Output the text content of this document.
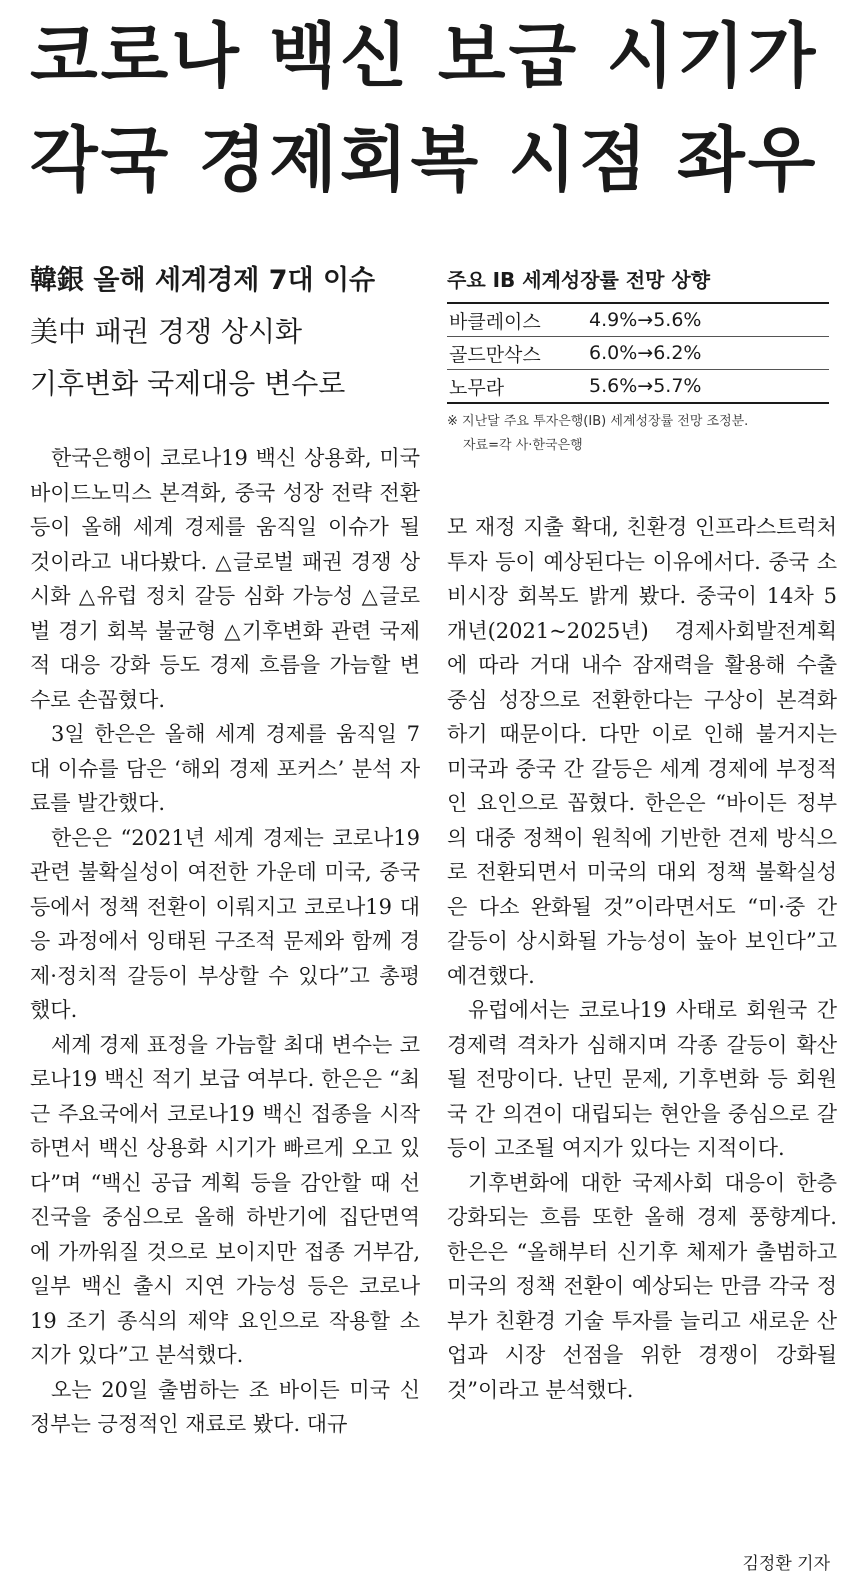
코로나 백신 보급 시기가
각국 경제회복 시점 좌우
韓銀 올해 세계경제 7대 이슈
美中 패권 경쟁 상시화
기후변화 국제대응 변수로
주요 IB 세계성장률 전망 상향
바클레이스	4.9%→5.6%
골드만삭스	6.0%→6.2%
노무라	5.6%→5.7%
※ 지난달 주요 투자은행(IB) 세계성장률 전망 조정분.
자료=각 사·한국은행

한국은행이 코로나19 백신 상용화, 미국 바이드노믹스 본격화, 중국 성장 전략 전환 등이 올해 세계 경제를 움직일 이슈가 될 것이라고 내다봤다. △글로벌 패권 경쟁 상시화 △유럽 정치 갈등 심화 가능성 △글로벌 경기 회복 불균형 △기후변화 관련 국제적 대응 강화 등도 경제 흐름을 가늠할 변수로 손꼽혔다.

3일 한은은 올해 세계 경제를 움직일 7대 이슈를 담은 ‘해외 경제 포커스’ 분석 자료를 발간했다.

한은은 “2021년 세계 경제는 코로나19 관련 불확실성이 여전한 가운데 미국, 중국 등에서 정책 전환이 이뤄지고 코로나19 대응 과정에서 잉태된 구조적 문제와 함께 경제·정치적 갈등이 부상할 수 있다”고 총평했다.

세계 경제 표정을 가늠할 최대 변수는 코로나19 백신 적기 보급 여부다. 한은은 “최근 주요국에서 코로나19 백신 접종을 시작하면서 백신 상용화 시기가 빠르게 오고 있다”며 “백신 공급 계획 등을 감안할 때 선진국을 중심으로 올해 하반기에 집단면역에 가까워질 것으로 보이지만 접종 거부감, 일부 백신 출시 지연 가능성 등은 코로나19 조기 종식의 제약 요인으로 작용할 소지가 있다”고 분석했다.

오는 20일 출범하는 조 바이든 미국 신정부는 긍정적인 재료로 봤다. 대규

모 재정 지출 확대, 친환경 인프라스트럭처 투자 등이 예상된다는 이유에서다. 중국 소비시장 회복도 밝게 봤다. 중국이 14차 5개년(2021~2025년) 경제사회발전계획에 따라 거대 내수 잠재력을 활용해 수출 중심 성장으로 전환한다는 구상이 본격화하기 때문이다. 다만 이로 인해 불거지는 미국과 중국 간 갈등은 세계 경제에 부정적인 요인으로 꼽혔다. 한은은 “바이든 정부의 대중 정책이 원칙에 기반한 견제 방식으로 전환되면서 미국의 대외 정책 불확실성은 다소 완화될 것”이라면서도 “미·중 간 갈등이 상시화될 가능성이 높아 보인다”고 예견했다.

유럽에서는 코로나19 사태로 회원국 간 경제력 격차가 심해지며 각종 갈등이 확산될 전망이다. 난민 문제, 기후변화 등 회원국 간 의견이 대립되는 현안을 중심으로 갈등이 고조될 여지가 있다는 지적이다.

기후변화에 대한 국제사회 대응이 한층 강화되는 흐름 또한 올해 경제 풍향계다. 한은은 “올해부터 신기후 체제가 출범하고 미국의 정책 전환이 예상되는 만큼 각국 정부가 친환경 기술 투자를 늘리고 새로운 산업과 시장 선점을 위한 경쟁이 강화될 것”이라고 분석했다.

김정환 기자
